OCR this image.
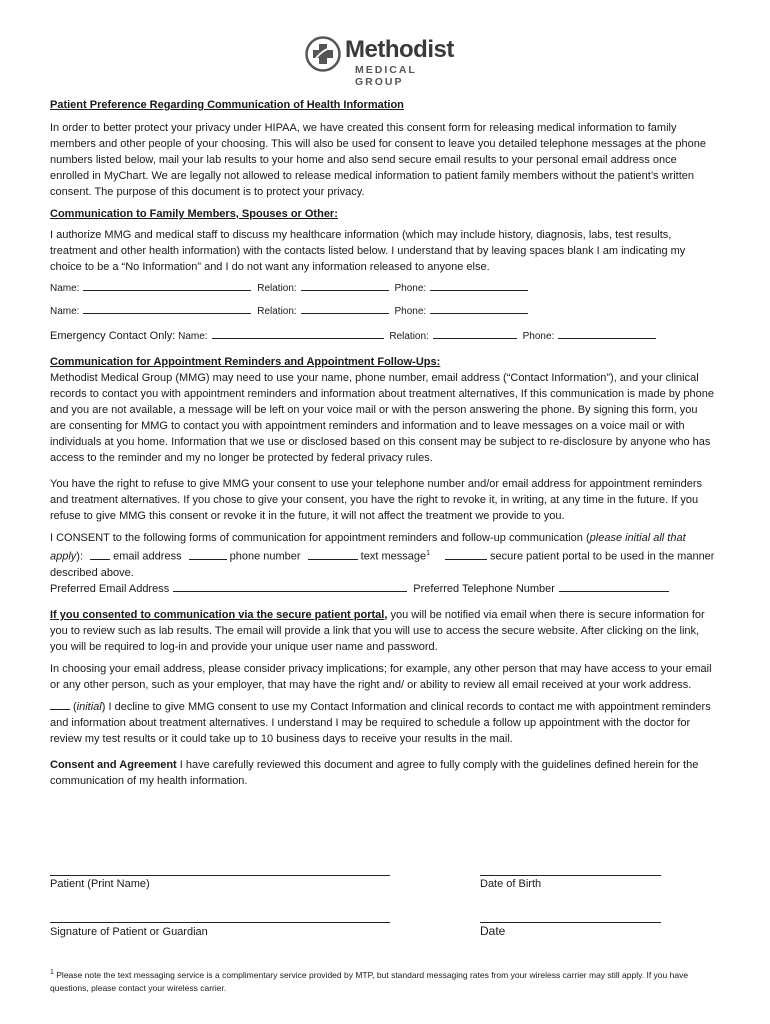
Methodist
MEDICAL GROUP

Patient Preference Regarding Communication of Health Information

In order to better protect your privacy under HIPAA, we have created this consent form for releasing medical information to family members and other people of your choosing. This will also be used for consent to leave you detailed telephone messages at the phone numbers listed below, mail your lab results to your home and also send secure email results to your personal email address once enrolled in MyChart. We are legally not allowed to release medical information to patient family members without the patient’s written consent. The purpose of this document is to protect your privacy.

Communication to Family Members, Spouses or Other:

I authorize MMG and medical staff to discuss my healthcare information (which may include history, diagnosis, labs, test results, treatment and other health information) with the contacts listed below. I understand that by leaving spaces blank I am indicating my choice to be a “No Information” and I do not want any information released to anyone else.

Name:	Relation:	Phone:
Name:	Relation:	Phone:
Emergency Contact Only: Name:	Relation:	Phone:

Communication for Appointment Reminders and Appointment Follow-Ups:

Methodist Medical Group (MMG) may need to use your name, phone number, email address (“Contact Information”), and your clinical records to contact you with appointment reminders and information about treatment alternatives, If this communication is made by phone and you are not available, a message will be left on your voice mail or with the person answering the phone. By signing this form, you are consenting for MMG to contact you with appointment reminders and information and to leave messages on a voice mail or with individuals at you home. Information that we use or disclosed based on this consent may be subject to re-disclosure by anyone who has access to the reminder and my no longer be protected by federal privacy rules.

You have the right to refuse to give MMG your consent to use your telephone number and/or email address for appointment reminders and treatment alternatives. If you chose to give your consent, you have the right to revoke it, in writing, at any time in the future. If you refuse to give MMG this consent or revoke it in the future, it will not affect the treatment we provide to you.

I CONSENT to the following forms of communication for appointment reminders and follow-up communication (please initial all that apply):	email address	phone number	text message$^1$	secure patient portal to be used in the manner described above.

Preferred Email Address	Preferred Telephone Number

If you consented to communication via the secure patient portal, you will be notified via email when there is secure information for you to review such as lab results. The email will provide a link that you will use to access the secure website. After clicking on the link, you will be required to log-in and provide your unique user name and password.

In choosing your email address, please consider privacy implications; for example, any other person that may have access to your email or any other person, such as your employer, that may have the right and/ or ability to review all email received at your work address.

(initial) I decline to give MMG consent to use my Contact Information and clinical records to contact me with appointment reminders and information about treatment alternatives. I understand I may be required to schedule a follow up appointment with the doctor for review my test results or it could take up to 10 business days to receive your results in the mail.

Consent and Agreement I have carefully reviewed this document and agree to fully comply with the guidelines defined herein for the communication of my health information.

Patient (Print Name)	Date of Birth
Signature of Patient or Guardian	Date
$^1$ Please note the text messaging service is a complimentary service provided by MTP, but standard messaging rates from your wireless carrier may still apply. If you have questions, please contact your wireless carrier.
